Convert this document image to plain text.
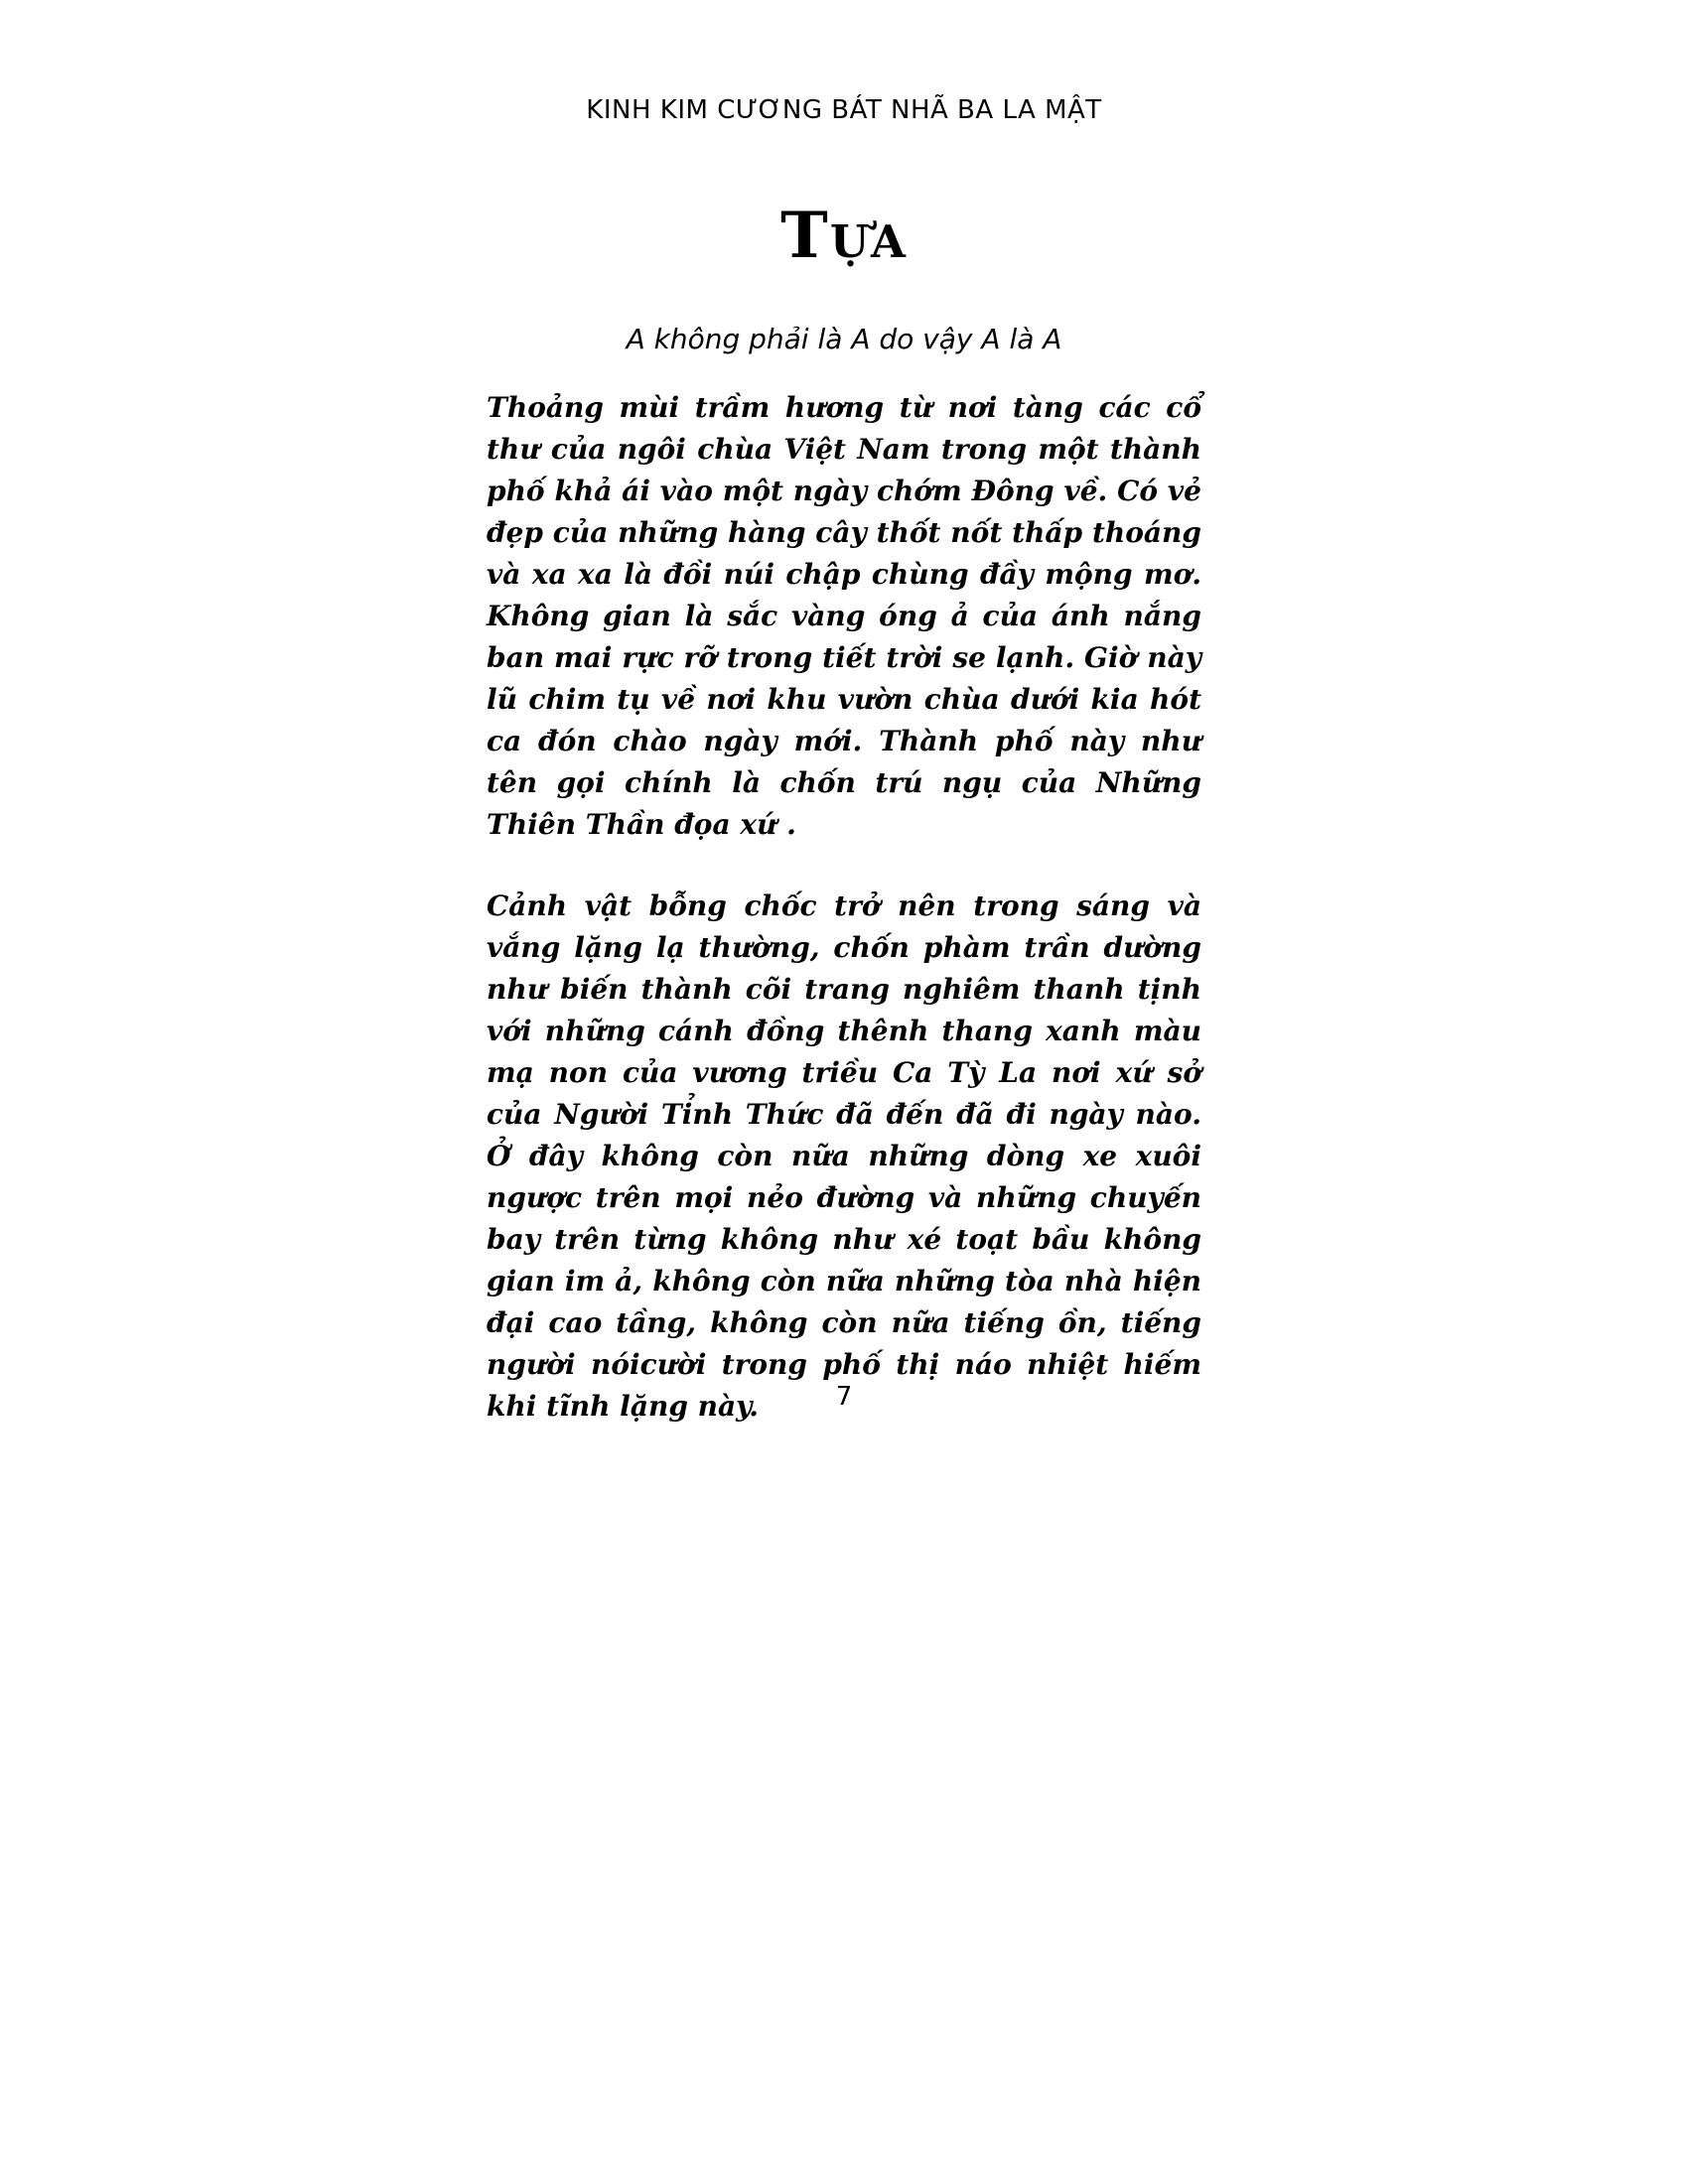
KINH KIM CƯƠNG BÁT NHÃ BA LA MẬT
Tựa
A không phải là A do vậy A là A

Thoảng mùi trầm hương từ nơi tàng các cổ thư của ngôi chùa Việt Nam trong một thành phố khả ái vào một ngày chớm Đông về. Có vẻ đẹp của những hàng cây thốt nốt thấp thoáng và xa xa là đồi núi chập chùng đầy mộng mơ. Không gian là sắc vàng óng ả của ánh nắng ban mai rực rỡ trong tiết trời se lạnh. Giờ này lũ chim tụ về nơi khu vườn chùa dưới kia hót ca đón chào ngày mới. Thành phố này như tên gọi chính là chốn trú ngụ của Những Thiên Thần đọa xứ .

Cảnh vật bỗng chốc trở nên trong sáng và vắng lặng lạ thường, chốn phàm trần dường như biến thành cõi trang nghiêm thanh tịnh với những cánh đồng thênh thang xanh màu mạ non của vương triều Ca Tỳ La nơi xứ sở của Người Tỉnh Thức đã đến đã đi ngày nào. Ở đây không còn nữa những dòng xe xuôi ngược trên mọi nẻo đường và những chuyến bay trên từng không như xé toạt bầu không gian im ả, không còn nữa những tòa nhà hiện đại cao tầng, không còn nữa tiếng ồn, tiếng người nóicười trong phố thị náo nhiệt hiếm khi tĩnh lặng này.	7
